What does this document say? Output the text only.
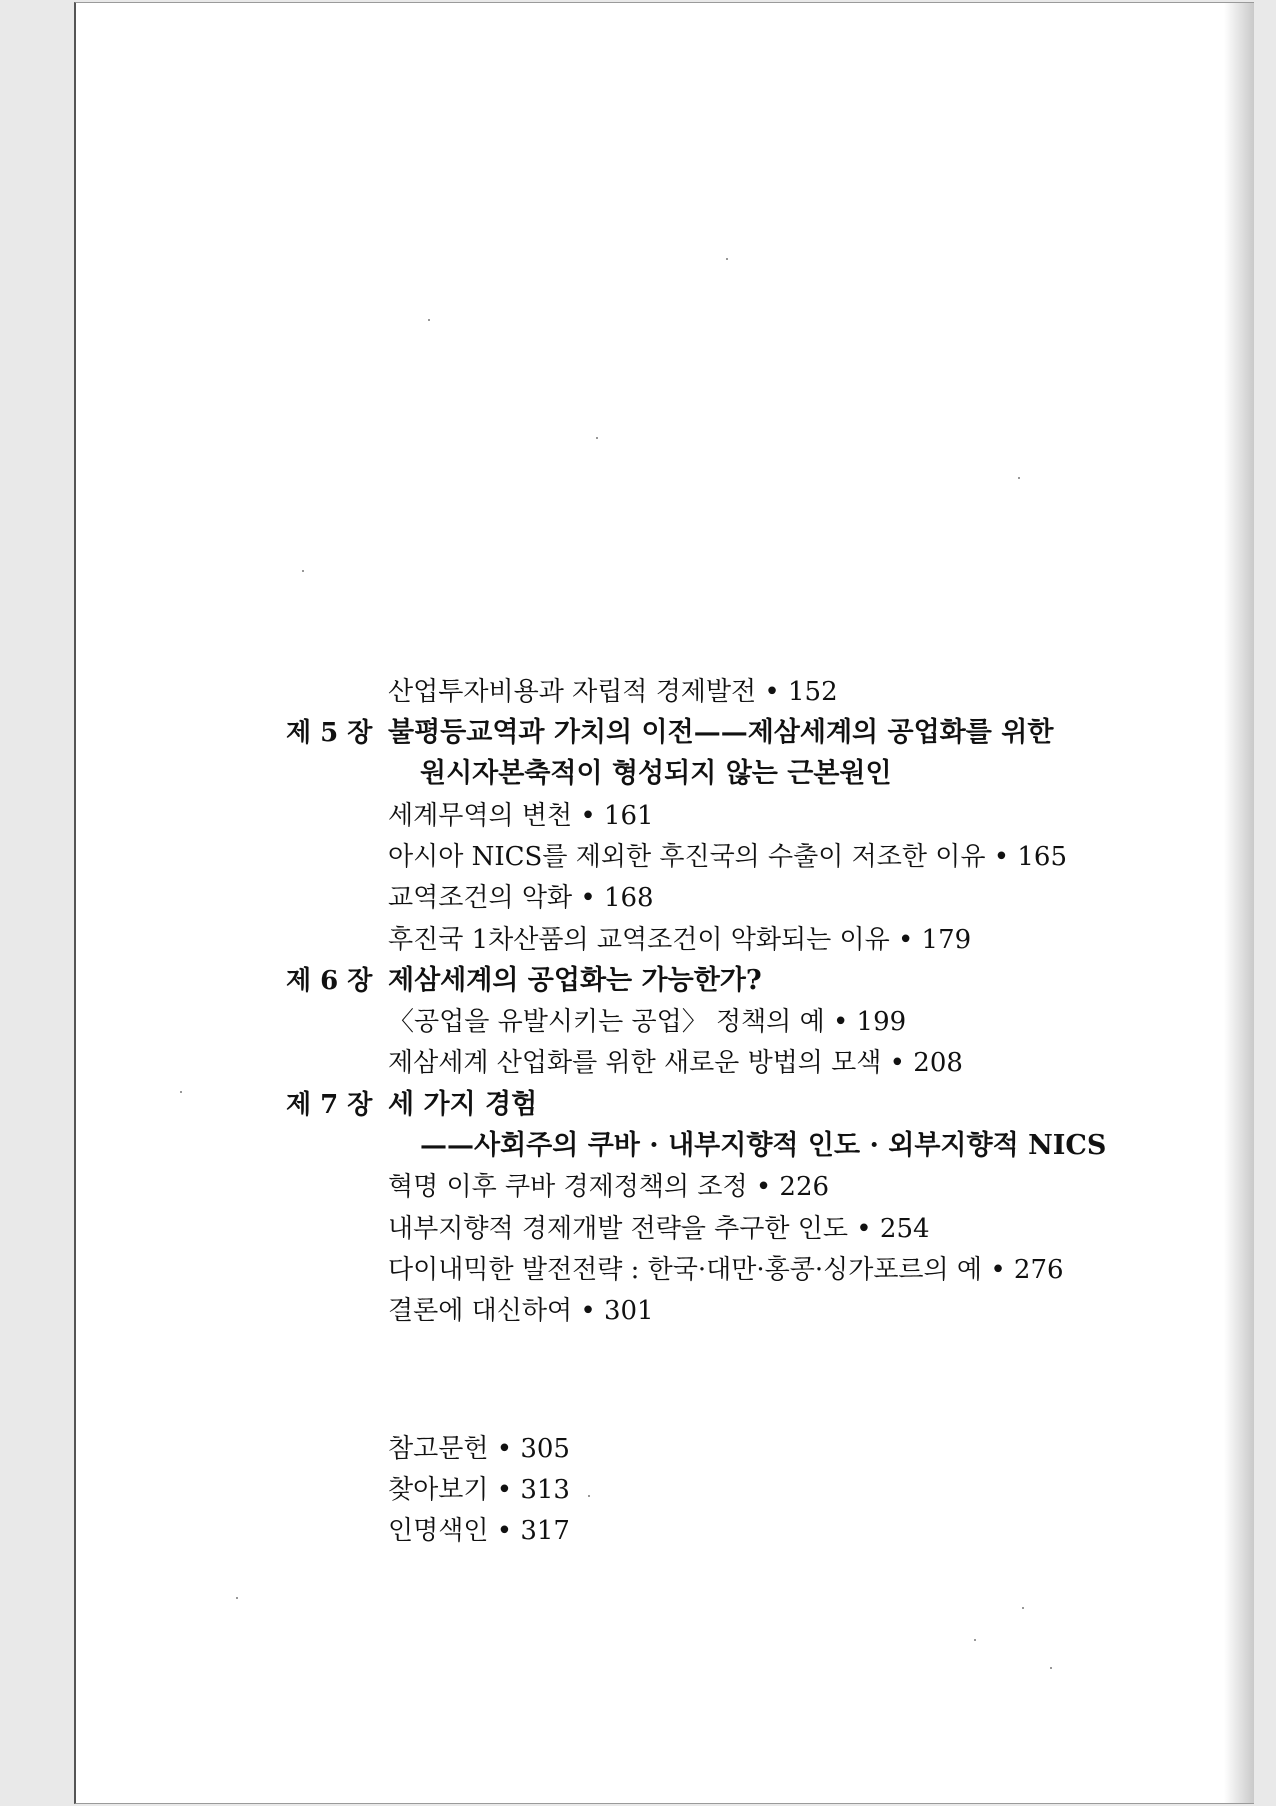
산업투자비용과 자립적 경제발전 • 152
제 5 장 불평등교역과 가치의 이전——제삼세계의 공업화를 위한
원시자본축적이 형성되지 않는 근본원인
세계무역의 변천 • 161
아시아 NICS를 제외한 후진국의 수출이 저조한 이유 • 165
교역조건의 악화 • 168
후진국 1차산품의 교역조건이 악화되는 이유 • 179
제 6 장 제삼세계의 공업화는 가능한가?
〈공업을 유발시키는 공업〉 정책의 예 • 199
제삼세계 산업화를 위한 새로운 방법의 모색 • 208
제 7 장 세 가지 경험
——사회주의 쿠바 · 내부지향적 인도 · 외부지향적 NICS
혁명 이후 쿠바 경제정책의 조정 • 226
내부지향적 경제개발 전략을 추구한 인도 • 254
다이내믹한 발전전략 : 한국·대만·홍콩·싱가포르의 예 • 276
결론에 대신하여 • 301
참고문헌 • 305
찾아보기 • 313
인명색인 • 317
